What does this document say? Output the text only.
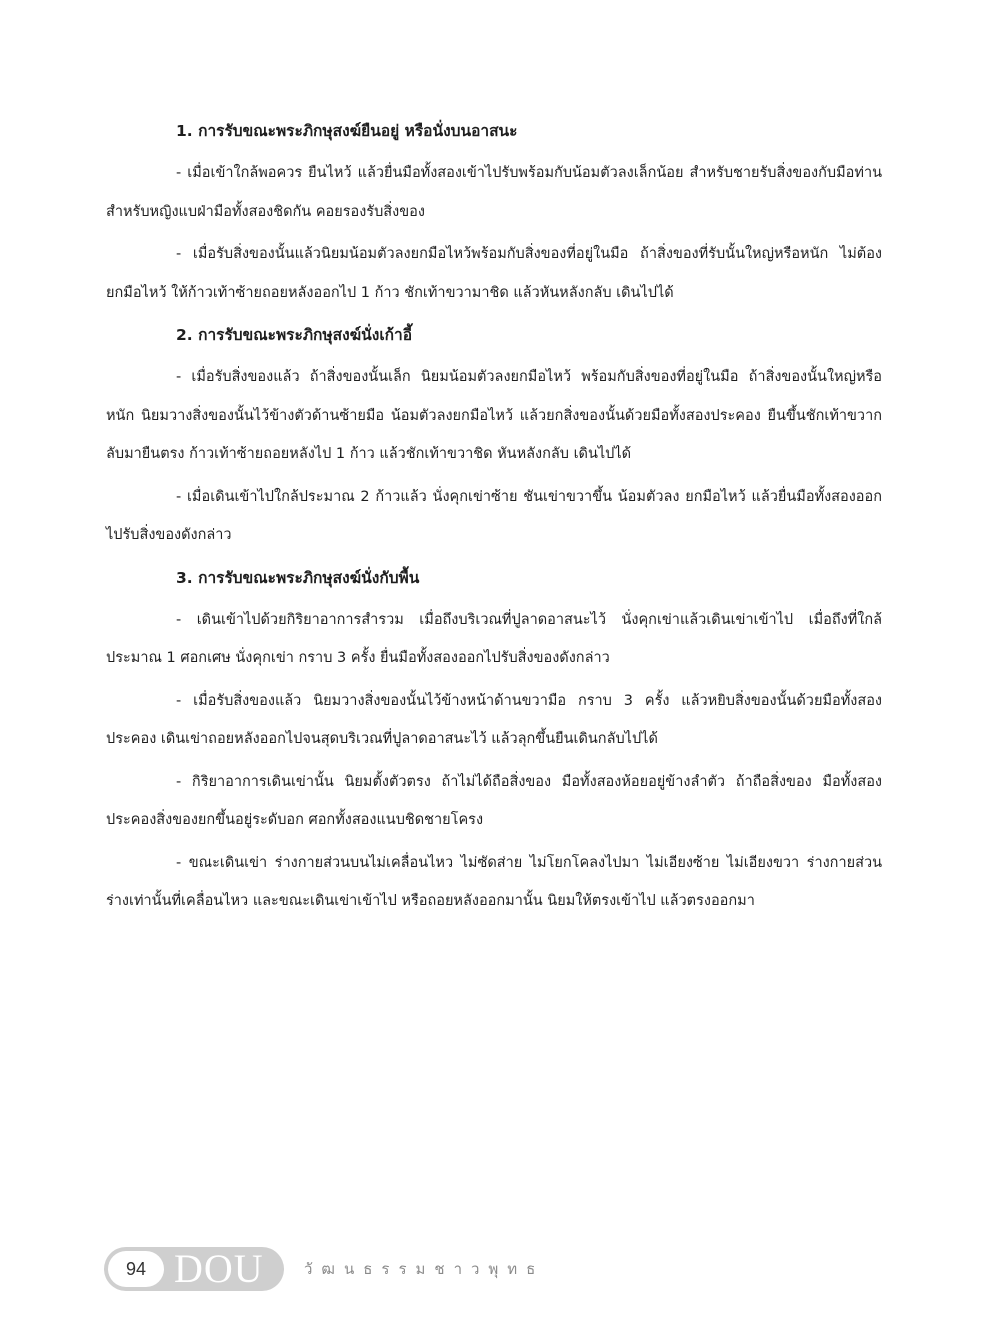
1. การรับขณะพระภิกษุสงฆ์ยืนอยู่ หรือนั่งบนอาสนะ

- เมื่อเข้าใกล้พอควร ยืนไหว้ แล้วยื่นมือทั้งสองเข้าไปรับพร้อมกับน้อมตัวลงเล็กน้อย สำหรับชายรับสิ่งของกับมือท่าน สำหรับหญิงแบฝ่ามือทั้งสองชิดกัน คอยรองรับสิ่งของ

- เมื่อรับสิ่งของนั้นแล้วนิยมน้อมตัวลงยกมือไหว้พร้อมกับสิ่งของที่อยู่ในมือ ถ้าสิ่งของที่รับนั้นใหญ่หรือหนัก ไม่ต้องยกมือไหว้ ให้ก้าวเท้าซ้ายถอยหลังออกไป 1 ก้าว ชักเท้าขวามาชิด แล้วหันหลังกลับ เดินไปได้

2. การรับขณะพระภิกษุสงฆ์นั่งเก้าอี้

- เมื่อรับสิ่งของแล้ว ถ้าสิ่งของนั้นเล็ก นิยมน้อมตัวลงยกมือไหว้ พร้อมกับสิ่งของที่อยู่ในมือ ถ้าสิ่งของนั้นใหญ่หรือหนัก นิยมวางสิ่งของนั้นไว้ข้างตัวด้านซ้ายมือ น้อมตัวลงยกมือไหว้ แล้วยกสิ่งของนั้นด้วยมือทั้งสองประคอง ยืนขึ้นชักเท้าขวากลับมายืนตรง ก้าวเท้าซ้ายถอยหลังไป 1 ก้าว แล้วชักเท้าขวาชิด หันหลังกลับ เดินไปได้

- เมื่อเดินเข้าไปใกล้ประมาณ 2 ก้าวแล้ว นั่งคุกเข่าซ้าย ชันเข่าขวาขึ้น น้อมตัวลง ยกมือไหว้ แล้วยื่นมือทั้งสองออกไปรับสิ่งของดังกล่าว

3. การรับขณะพระภิกษุสงฆ์นั่งกับพื้น

- เดินเข้าไปด้วยกิริยาอาการสำรวม เมื่อถึงบริเวณที่ปูลาดอาสนะไว้ นั่งคุกเข่าแล้วเดินเข่าเข้าไป เมื่อถึงที่ใกล้ประมาณ 1 ศอกเศษ นั่งคุกเข่า กราบ 3 ครั้ง ยื่นมือทั้งสองออกไปรับสิ่งของดังกล่าว

- เมื่อรับสิ่งของแล้ว นิยมวางสิ่งของนั้นไว้ข้างหน้าด้านขวามือ กราบ 3 ครั้ง แล้วหยิบสิ่งของนั้นด้วยมือทั้งสองประคอง เดินเข่าถอยหลังออกไปจนสุดบริเวณที่ปูลาดอาสนะไว้ แล้วลุกขึ้นยืนเดินกลับไปได้

- กิริยาอาการเดินเข่านั้น นิยมตั้งตัวตรง ถ้าไม่ได้ถือสิ่งของ มือทั้งสองห้อยอยู่ข้างลำตัว ถ้าถือสิ่งของ มือทั้งสองประคองสิ่งของยกขึ้นอยู่ระดับอก ศอกทั้งสองแนบชิดชายโครง

- ขณะเดินเข่า ร่างกายส่วนบนไม่เคลื่อนไหว ไม่ซัดส่าย ไม่โยกโคลงไปมา ไม่เอียงซ้าย ไม่เอียงขวา ร่างกายส่วนร่างเท่านั้นที่เคลื่อนไหว และขณะเดินเข่าเข้าไป หรือถอยหลังออกมานั้น นิยมให้ตรงเข้าไป แล้วตรงออกมา

94 DOU	วัฒนธรรมชาวพุทธ
